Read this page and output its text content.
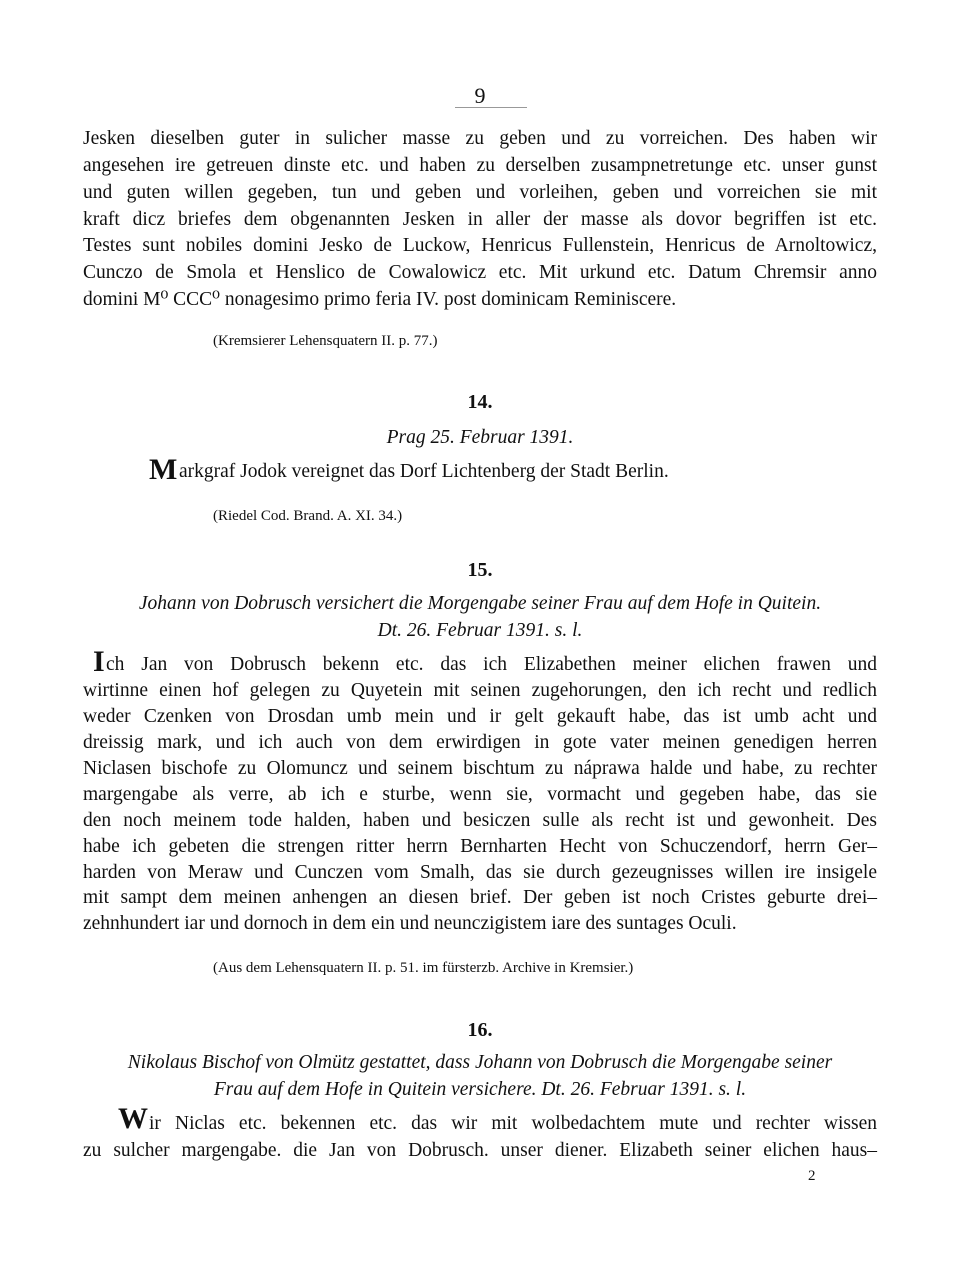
9
Jesken dieselben guter in sulicher masse zu geben und zu vorreichen. Des haben wir
angesehen ire getreuen dinste etc. und haben zu derselben zusampnetretunge etc. unser gunst
und guten willen gegeben, tun und geben und vorleihen, geben und vorreichen sie mit
kraft dicz briefes dem obgenannten Jesken in aller der masse als dovor begriffen ist etc.
Testes sunt nobiles domini Jesko de Luckow, Henricus Fullenstein, Henricus de Arnoltowicz,
Cunczo de Smola et Henslico de Cowalowicz etc. Mit urkund etc. Datum Chremsir anno
domini M⁰ CCC⁰ nonagesimo primo feria IV. post dominicam Reminiscere.
(Kremsierer Lehensquatern II. p. 77.)
14.
Prag 25. Februar 1391.
M arkgraf Jodok vereignet das Dorf Lichtenberg der Stadt Berlin.
(Riedel Cod. Brand. A. XI. 34.)
15.
Johann von Dobrusch versichert die Morgengabe seiner Frau auf dem Hofe in Quitein.
Dt. 26. Februar 1391. s. l.
I ch Jan von Dobrusch bekenn etc. das ich Elizabethen meiner elichen frawen und
wirtinne einen hof gelegen zu Quyetein mit seinen zugehorungen, den ich recht und redlich
weder Czenken von Drosdan umb mein und ir gelt gekauft habe, das ist umb acht und
dreissig mark, und ich auch von dem erwirdigen in gote vater meinen genedigen herren
Niclasen bischofe zu Olomuncz und seinem bischtum zu náprawa halde und habe, zu rechter
margengabe als verre, ab ich e sturbe, wenn sie, vormacht und gegeben habe, das sie
den noch meinem tode halden, haben und besiczen sulle als recht ist und gewonheit. Des
habe ich gebeten die strengen ritter herrn Bernharten Hecht von Schuczendorf, herrn Ger–
harden von Meraw und Cunczen vom Smalh, das sie durch gezeugnisses willen ire insigele
mit sampt dem meinen anhengen an diesen brief. Der geben ist noch Cristes geburte drei–
zehnhundert iar und dornoch in dem ein und neunczigistem iare des suntages Oculi.
(Aus dem Lehensquatern II. p. 51. im fürsterzb. Archive in Kremsier.)
16.
Nikolaus Bischof von Olmütz gestattet, dass Johann von Dobrusch die Morgengabe seiner
Frau auf dem Hofe in Quitein versichere. Dt. 26. Februar 1391. s. l.
W ir Niclas etc. bekennen etc. das wir mit wolbedachtem mute und rechter wissen
zu sulcher margengabe. die Jan von Dobrusch. unser diener. Elizabeth seiner elichen haus–
2
